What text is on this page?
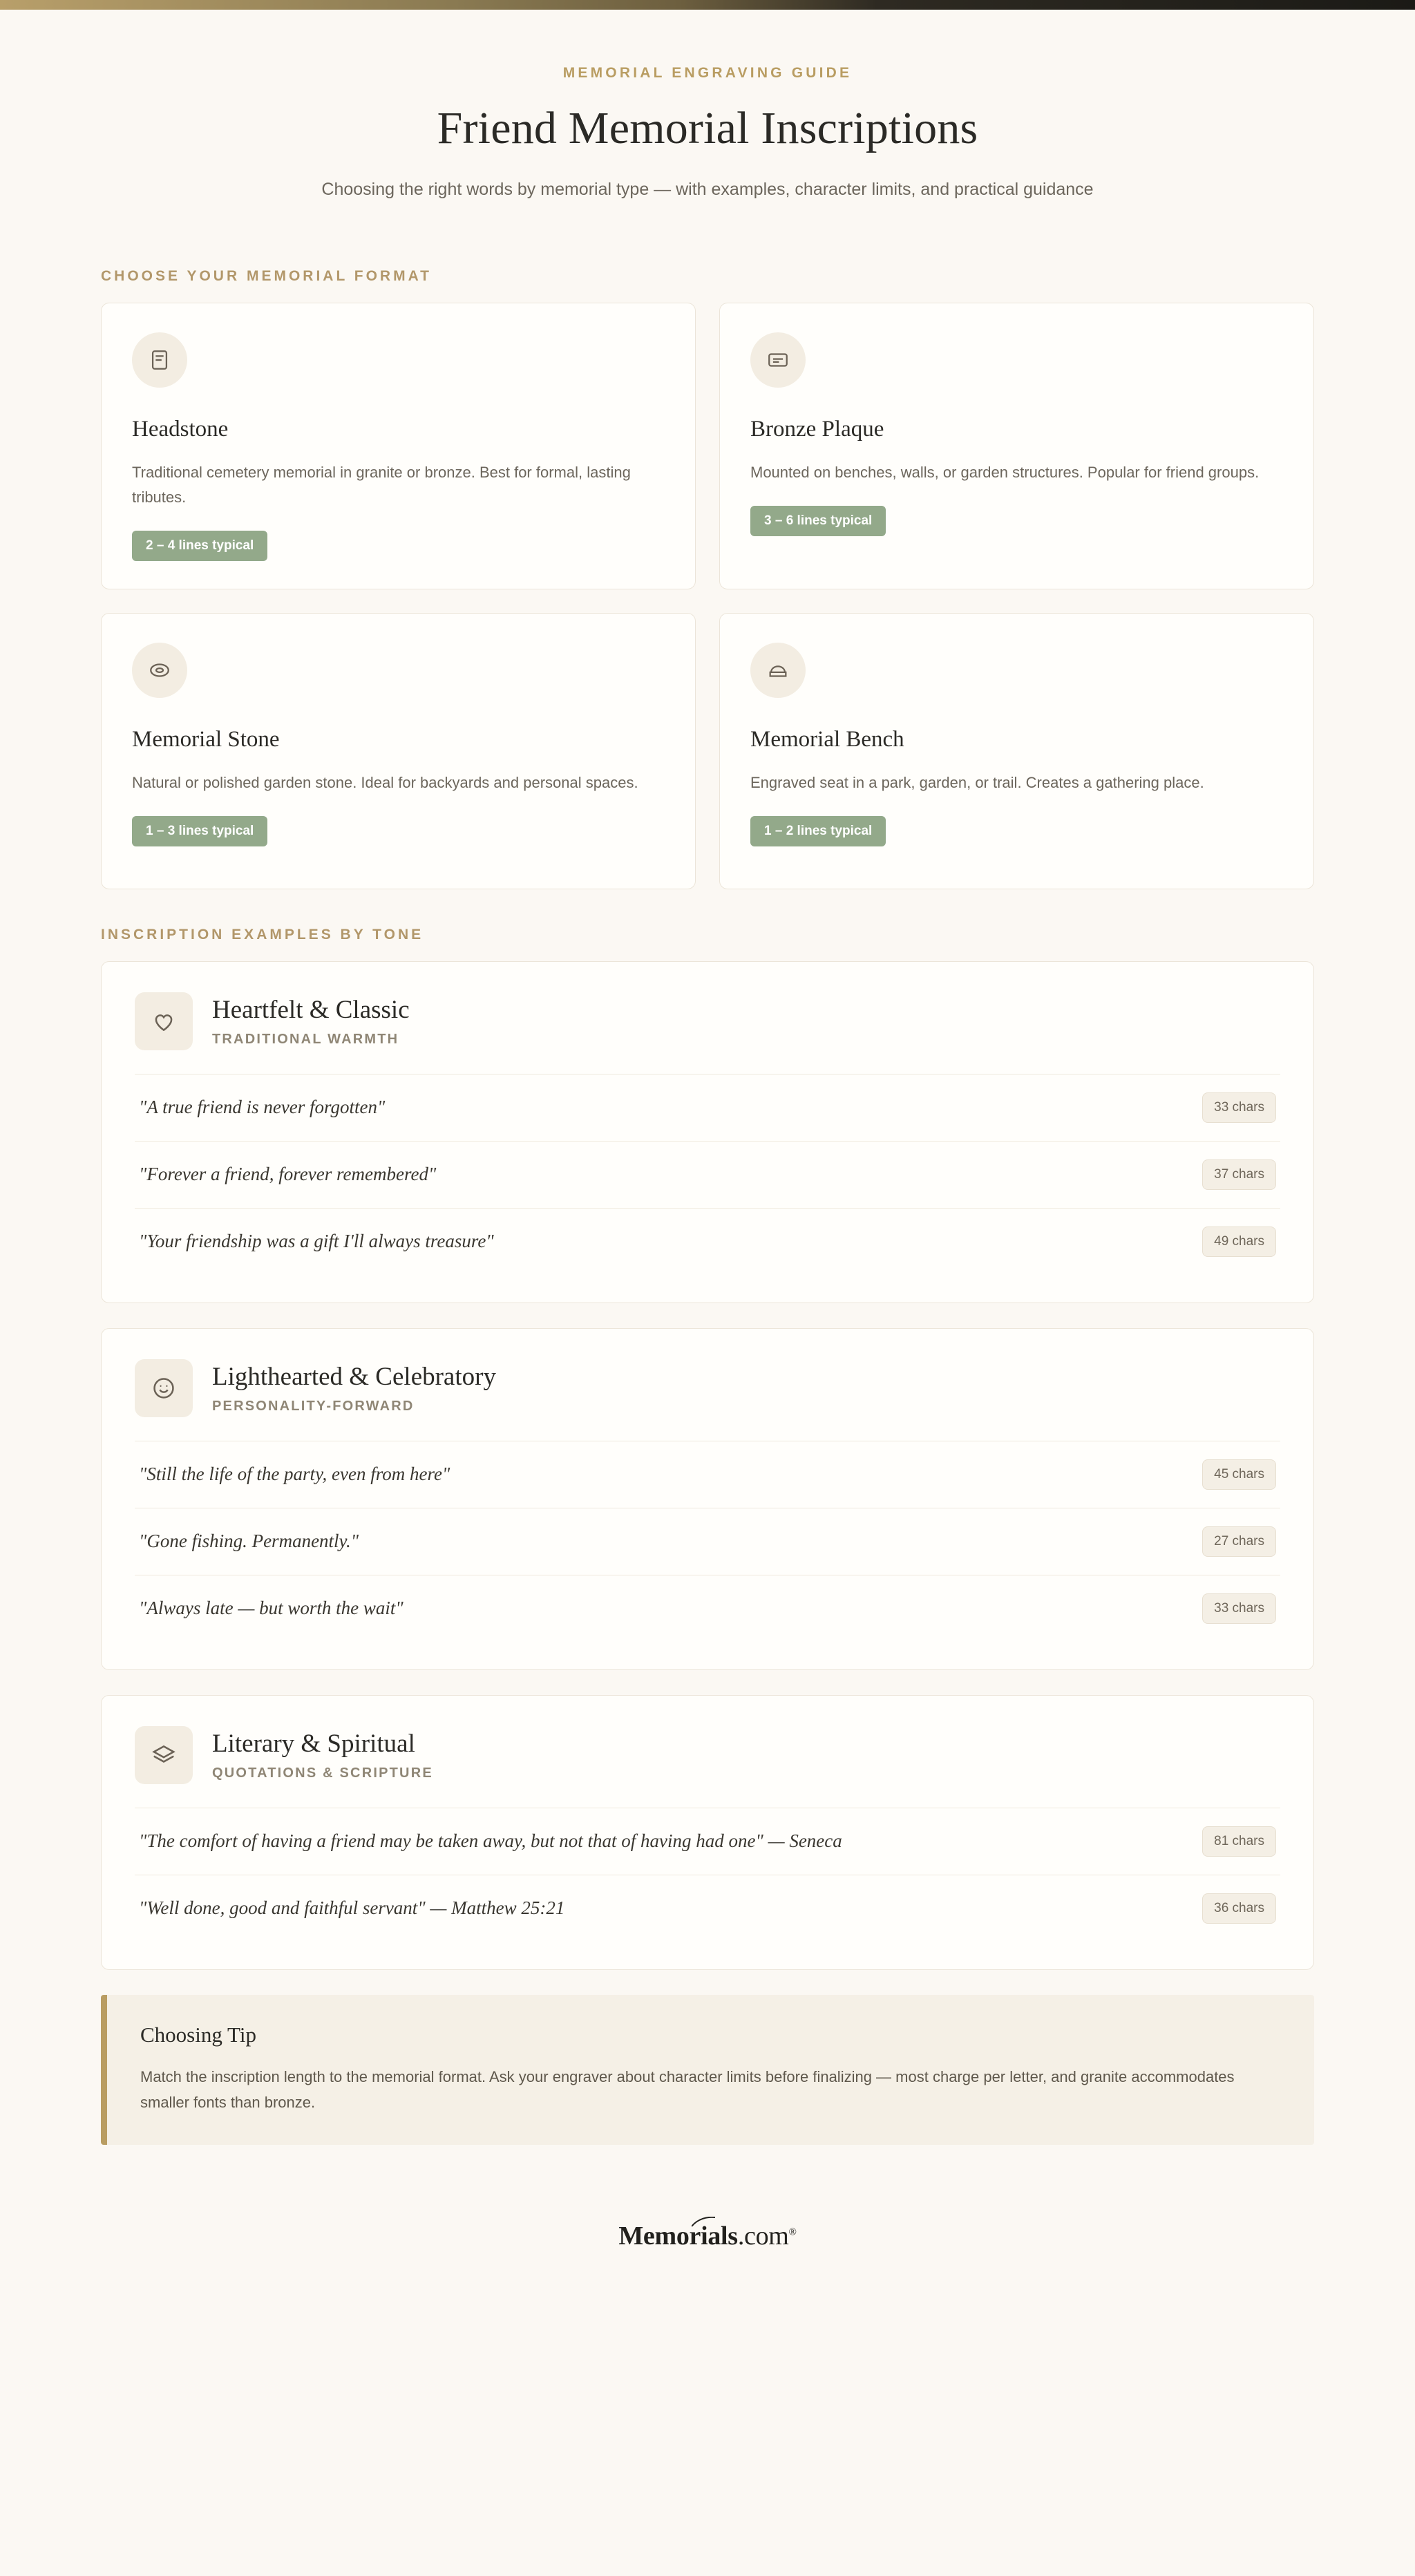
MEMORIAL ENGRAVING GUIDE
Friend Memorial Inscriptions
Choosing the right words by memorial type — with examples, character limits, and practical guidance
CHOOSE YOUR MEMORIAL FORMAT
Headstone
Traditional cemetery memorial in granite or bronze. Best for formal, lasting tributes.
2 – 4 lines typical
Bronze Plaque
Mounted on benches, walls, or garden structures. Popular for friend groups.
3 – 6 lines typical
Memorial Stone
Natural or polished garden stone. Ideal for backyards and personal spaces.
1 – 3 lines typical
Memorial Bench
Engraved seat in a park, garden, or trail. Creates a gathering place.
1 – 2 lines typical
INSCRIPTION EXAMPLES BY TONE
Heartfelt & Classic
TRADITIONAL WARMTH
"A true friend is never forgotten"	33 chars
"Forever a friend, forever remembered"	37 chars
"Your friendship was a gift I'll always treasure"	49 chars
Lighthearted & Celebratory
PERSONALITY-FORWARD
"Still the life of the party, even from here"	45 chars
"Gone fishing. Permanently."	27 chars
"Always late — but worth the wait"	33 chars
Literary & Spiritual
QUOTATIONS & SCRIPTURE
"The comfort of having a friend may be taken away, but not that of having had one" — Seneca	81 chars
"Well done, good and faithful servant" — Matthew 25:21	36 chars
Choosing Tip
Match the inscription length to the memorial format. Ask your engraver about character limits before finalizing — most charge per letter, and granite accommodates smaller fonts than bronze.
Memorials.com®
